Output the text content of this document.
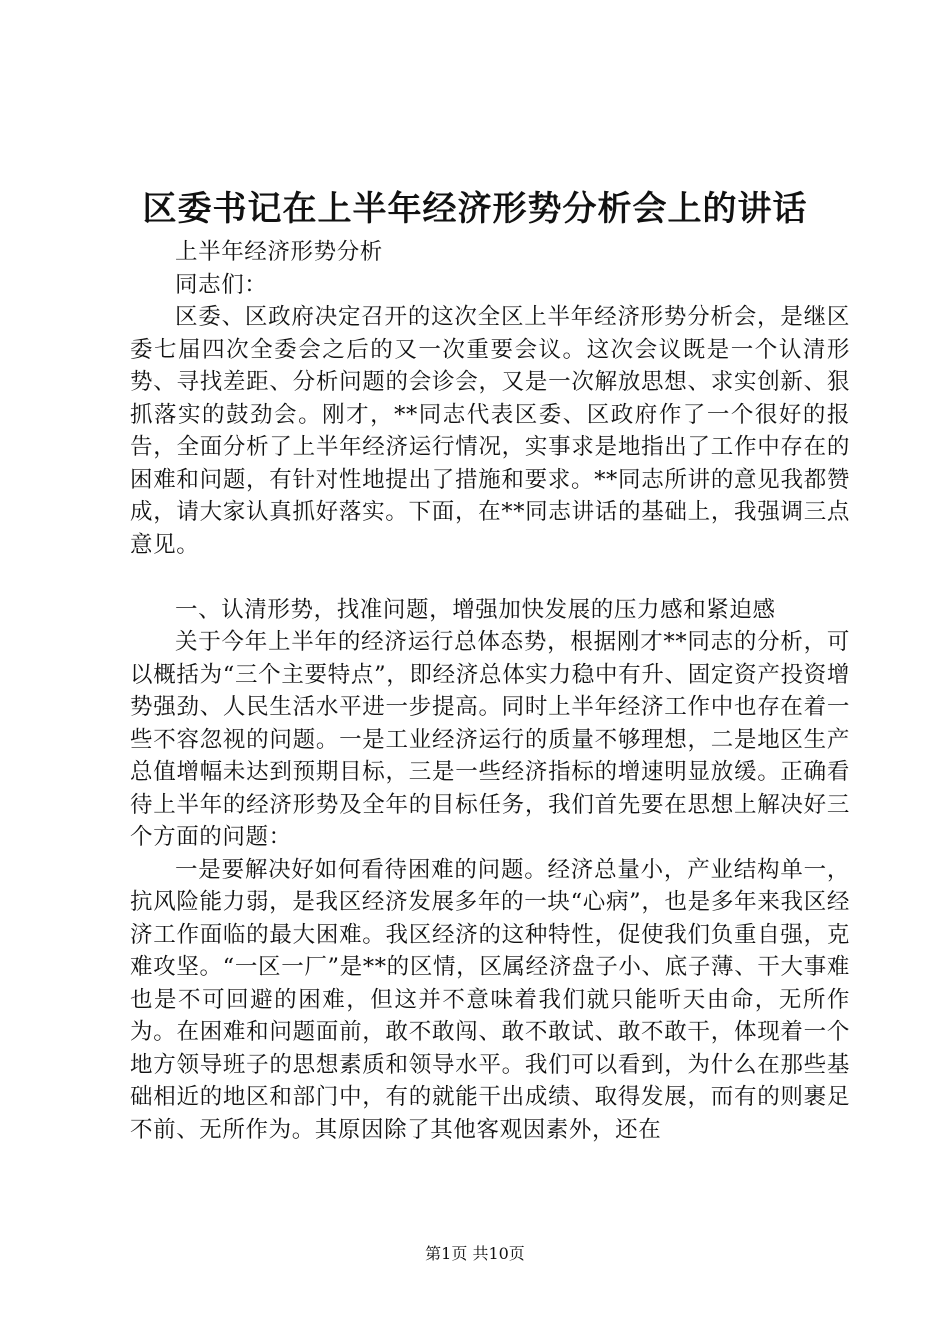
区委书记在上半年经济形势分析会上的讲话

上半年经济形势分析

同志们：

区委、区政府决定召开的这次全区上半年经济形势分析会，是继区委七届四次全委会之后的又一次重要会议。这次会议既是一个认清形势、寻找差距、分析问题的会诊会，又是一次解放思想、求实创新、狠抓落实的鼓劲会。刚才，**同志代表区委、区政府作了一个很好的报告，全面分析了上半年经济运行情况，实事求是地指出了工作中存在的困难和问题，有针对性地提出了措施和要求。**同志所讲的意见我都赞成，请大家认真抓好落实。下面，在**同志讲话的基础上，我强调三点意见。

一、认清形势，找准问题，增强加快发展的压力感和紧迫感

关于今年上半年的经济运行总体态势，根据刚才**同志的分析，可以概括为“三个主要特点”，即经济总体实力稳中有升、固定资产投资增势强劲、人民生活水平进一步提高。同时上半年经济工作中也存在着一些不容忽视的问题。一是工业经济运行的质量不够理想，二是地区生产总值增幅未达到预期目标，三是一些经济指标的增速明显放缓。正确看待上半年的经济形势及全年的目标任务，我们首先要在思想上解决好三个方面的问题：

一是要解决好如何看待困难的问题。经济总量小，产业结构单一，抗风险能力弱，是我区经济发展多年的一块“心病”，也是多年来我区经济工作面临的最大困难。我区经济的这种特性，促使我们负重自强，克难攻坚。“一区一厂”是**的区情，区属经济盘子小、底子薄、干大事难也是不可回避的困难，但这并不意味着我们就只能听天由命，无所作为。在困难和问题面前，敢不敢闯、敢不敢试、敢不敢干，体现着一个地方领导班子的思想素质和领导水平。我们可以看到，为什么在那些基础相近的地区和部门中，有的就能干出成绩、取得发展，而有的则裹足不前、无所作为。其原因除了其他客观因素外，还在

第1页 共10页
